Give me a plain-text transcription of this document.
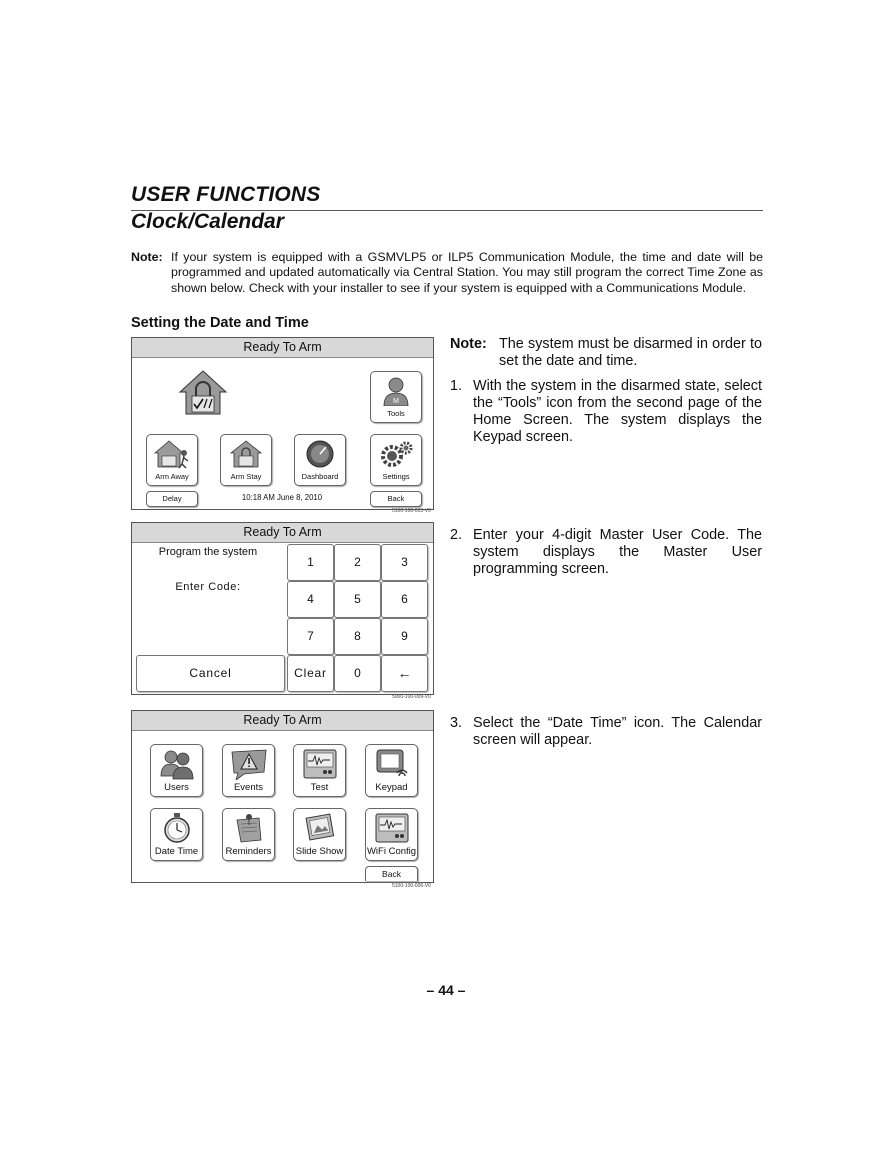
USER FUNCTIONS
Clock/Calendar
Note: If your system is equipped with a GSMVLP5 or ILP5 Communication Module, the time and date will be programmed and updated automatically via Central Station. You may still program the correct Time Zone as shown below. Check with your installer to see if your system is equipped with a Communications Module.
Setting the Date and Time
Ready To Arm
M
Tools
Arm Away	Arm Stay	Dashboard	Settings
Delay	10:18 AM June 8, 2010	Back
5100-100-003-V0
Ready To Arm
Program the system
Enter Code:
1	2	3
4	5	6
7	8	9
Cancel	Clear	0	←
5000-100-009-V0
Ready To Arm
Users	Events	Test	Keypad
Date Time	Reminders	Slide Show WiFi Config
Back
5100-100-006-V0
Note: The system must be disarmed in order to set the date and time.
1. With the system in the disarmed state, select the “Tools” icon from the second page of the Home Screen. The system displays the Keypad screen.
2. Enter your 4-digit Master User Code. The system displays the Master User programming screen.
3. Select the “Date Time” icon. The Calendar screen will appear.
– 44 –
